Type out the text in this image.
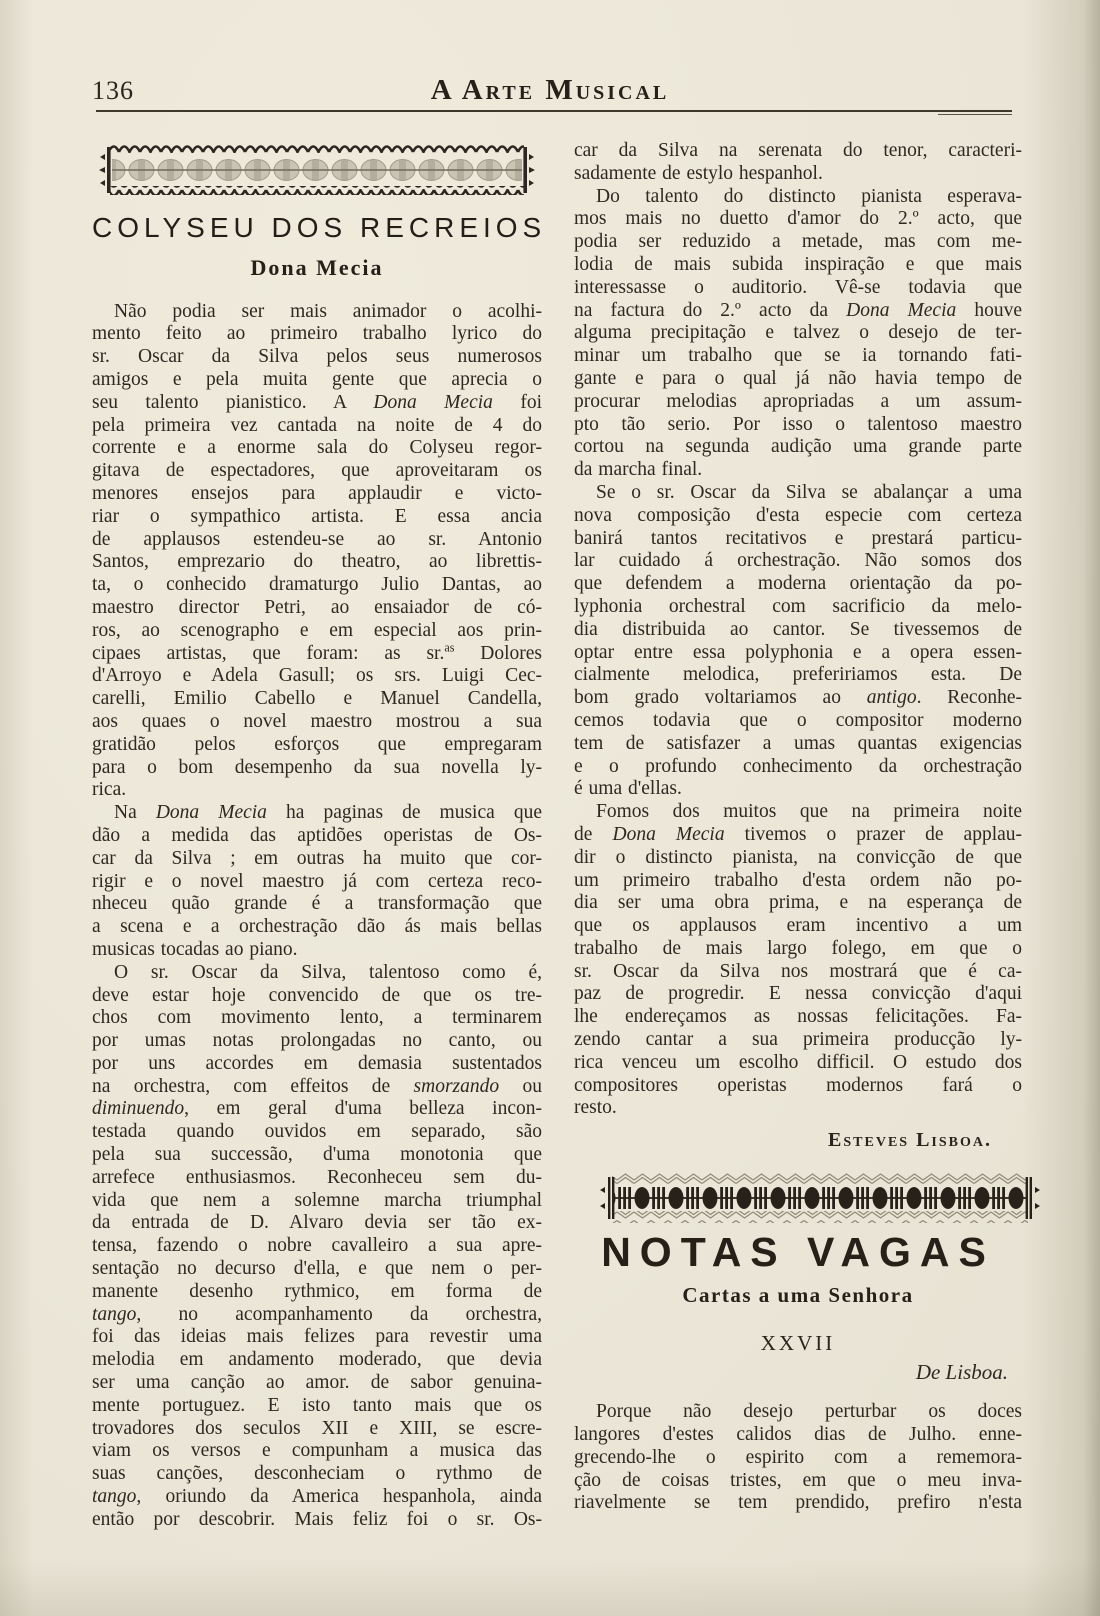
136	A Arte Musical
COLYSEU DOS RECREIOS
Dona Mecia
Não podia ser mais animador o acolhi-
mento feito ao primeiro trabalho lyrico do
sr. Oscar da Silva pelos seus numerosos
amigos e pela muita gente que aprecia o
seu talento pianistico. A Dona Mecia foi
pela primeira vez cantada na noite de 4 do
corrente e a enorme sala do Colyseu regor-
gitava de espectadores, que aproveitaram os
menores ensejos para applaudir e victo-
riar o sympathico artista. E essa ancia
de applausos estendeu-se ao sr. Antonio
Santos, emprezario do theatro, ao librettis-
ta, o conhecido dramaturgo Julio Dantas, ao
maestro director Petri, ao ensaiador de có-
ros, ao scenographo e em especial aos prin-
cipaes artistas, que foram: as sr.$^{as}$ Dolores
d'Arroyo e Adela Gasull; os srs. Luigi Cec-
carelli, Emilio Cabello e Manuel Candella,
aos quaes o novel maestro mostrou a sua
gratidão pelos esforços que empregaram
para o bom desempenho da sua novella ly-
rica.
Na Dona Mecia ha paginas de musica que
dão a medida das aptidões operistas de Os-
car da Silva ; em outras ha muito que cor-
rigir e o novel maestro já com certeza reco-
nheceu quão grande é a transformação que
a scena e a orchestração dão ás mais bellas
musicas tocadas ao piano.
O sr. Oscar da Silva, talentoso como é,
deve estar hoje convencido de que os tre-
chos com movimento lento, a terminarem
por umas notas prolongadas no canto, ou
por uns accordes em demasia sustentados
na orchestra, com effeitos de smorzando ou
diminuendo, em geral d'uma belleza incon-
testada quando ouvidos em separado, são
pela sua successão, d'uma monotonia que
arrefece enthusiasmos. Reconheceu sem du-
vida que nem a solemne marcha triumphal
da entrada de D. Alvaro devia ser tão ex-
tensa, fazendo o nobre cavalleiro a sua apre-
sentação no decurso d'ella, e que nem o per-
manente desenho rythmico, em forma de
tango, no acompanhamento da orchestra,
foi das ideias mais felizes para revestir uma
melodia em andamento moderado, que devia
ser uma canção ao amor. de sabor genuina-
mente portuguez. E isto tanto mais que os
trovadores dos seculos XII e XIII, se escre-
viam os versos e compunham a musica das
suas canções, desconheciam o rythmo de
tango, oriundo da America hespanhola, ainda
então por descobrir. Mais feliz foi o sr. Os-
car da Silva na serenata do tenor, caracteri-
sadamente de estylo hespanhol.
Do talento do distincto pianista esperava-
mos mais no duetto d'amor do 2.º acto, que
podia ser reduzido a metade, mas com me-
lodia de mais subida inspiração e que mais
interessasse o auditorio. Vê-se todavia que
na factura do 2.º acto da Dona Mecia houve
alguma precipitação e talvez o desejo de ter-
minar um trabalho que se ia tornando fati-
gante e para o qual já não havia tempo de
procurar melodias apropriadas a um assum-
pto tão serio. Por isso o talentoso maestro
cortou na segunda audição uma grande parte
da marcha final.
Se o sr. Oscar da Silva se abalançar a uma
nova composição d'esta especie com certeza
banirá tantos recitativos e prestará particu-
lar cuidado á orchestração. Não somos dos
que defendem a moderna orientação da po-
lyphonia orchestral com sacrificio da melo-
dia distribuida ao cantor. Se tivessemos de
optar entre essa polyphonia e a opera essen-
cialmente melodica, prefeririamos esta. De
bom grado voltariamos ao antigo. Reconhe-
cemos todavia que o compositor moderno
tem de satisfazer a umas quantas exigencias
e o profundo conhecimento da orchestração
é uma d'ellas.
Fomos dos muitos que na primeira noite
de Dona Mecia tivemos o prazer de applau-
dir o distincto pianista, na convicção de que
um primeiro trabalho d'esta ordem não po-
dia ser uma obra prima, e na esperança de
que os applausos eram incentivo a um
trabalho de mais largo folego, em que o
sr. Oscar da Silva nos mostrará que é ca-
paz de progredir. E nessa convicção d'aqui
lhe endereçamos as nossas felicitações. Fa-
zendo cantar a sua primeira producção ly-
rica venceu um escolho difficil. O estudo dos
compositores operistas modernos fará o
resto.
Esteves Lisboa.
NOTAS VAGAS
Cartas a uma Senhora
XXVII
De Lisboa.
Porque não desejo perturbar os doces
langores d'estes calidos dias de Julho. enne-
grecendo-lhe o espirito com a rememora-
ção de coisas tristes, em que o meu inva-
riavelmente se tem prendido, prefiro n'esta
